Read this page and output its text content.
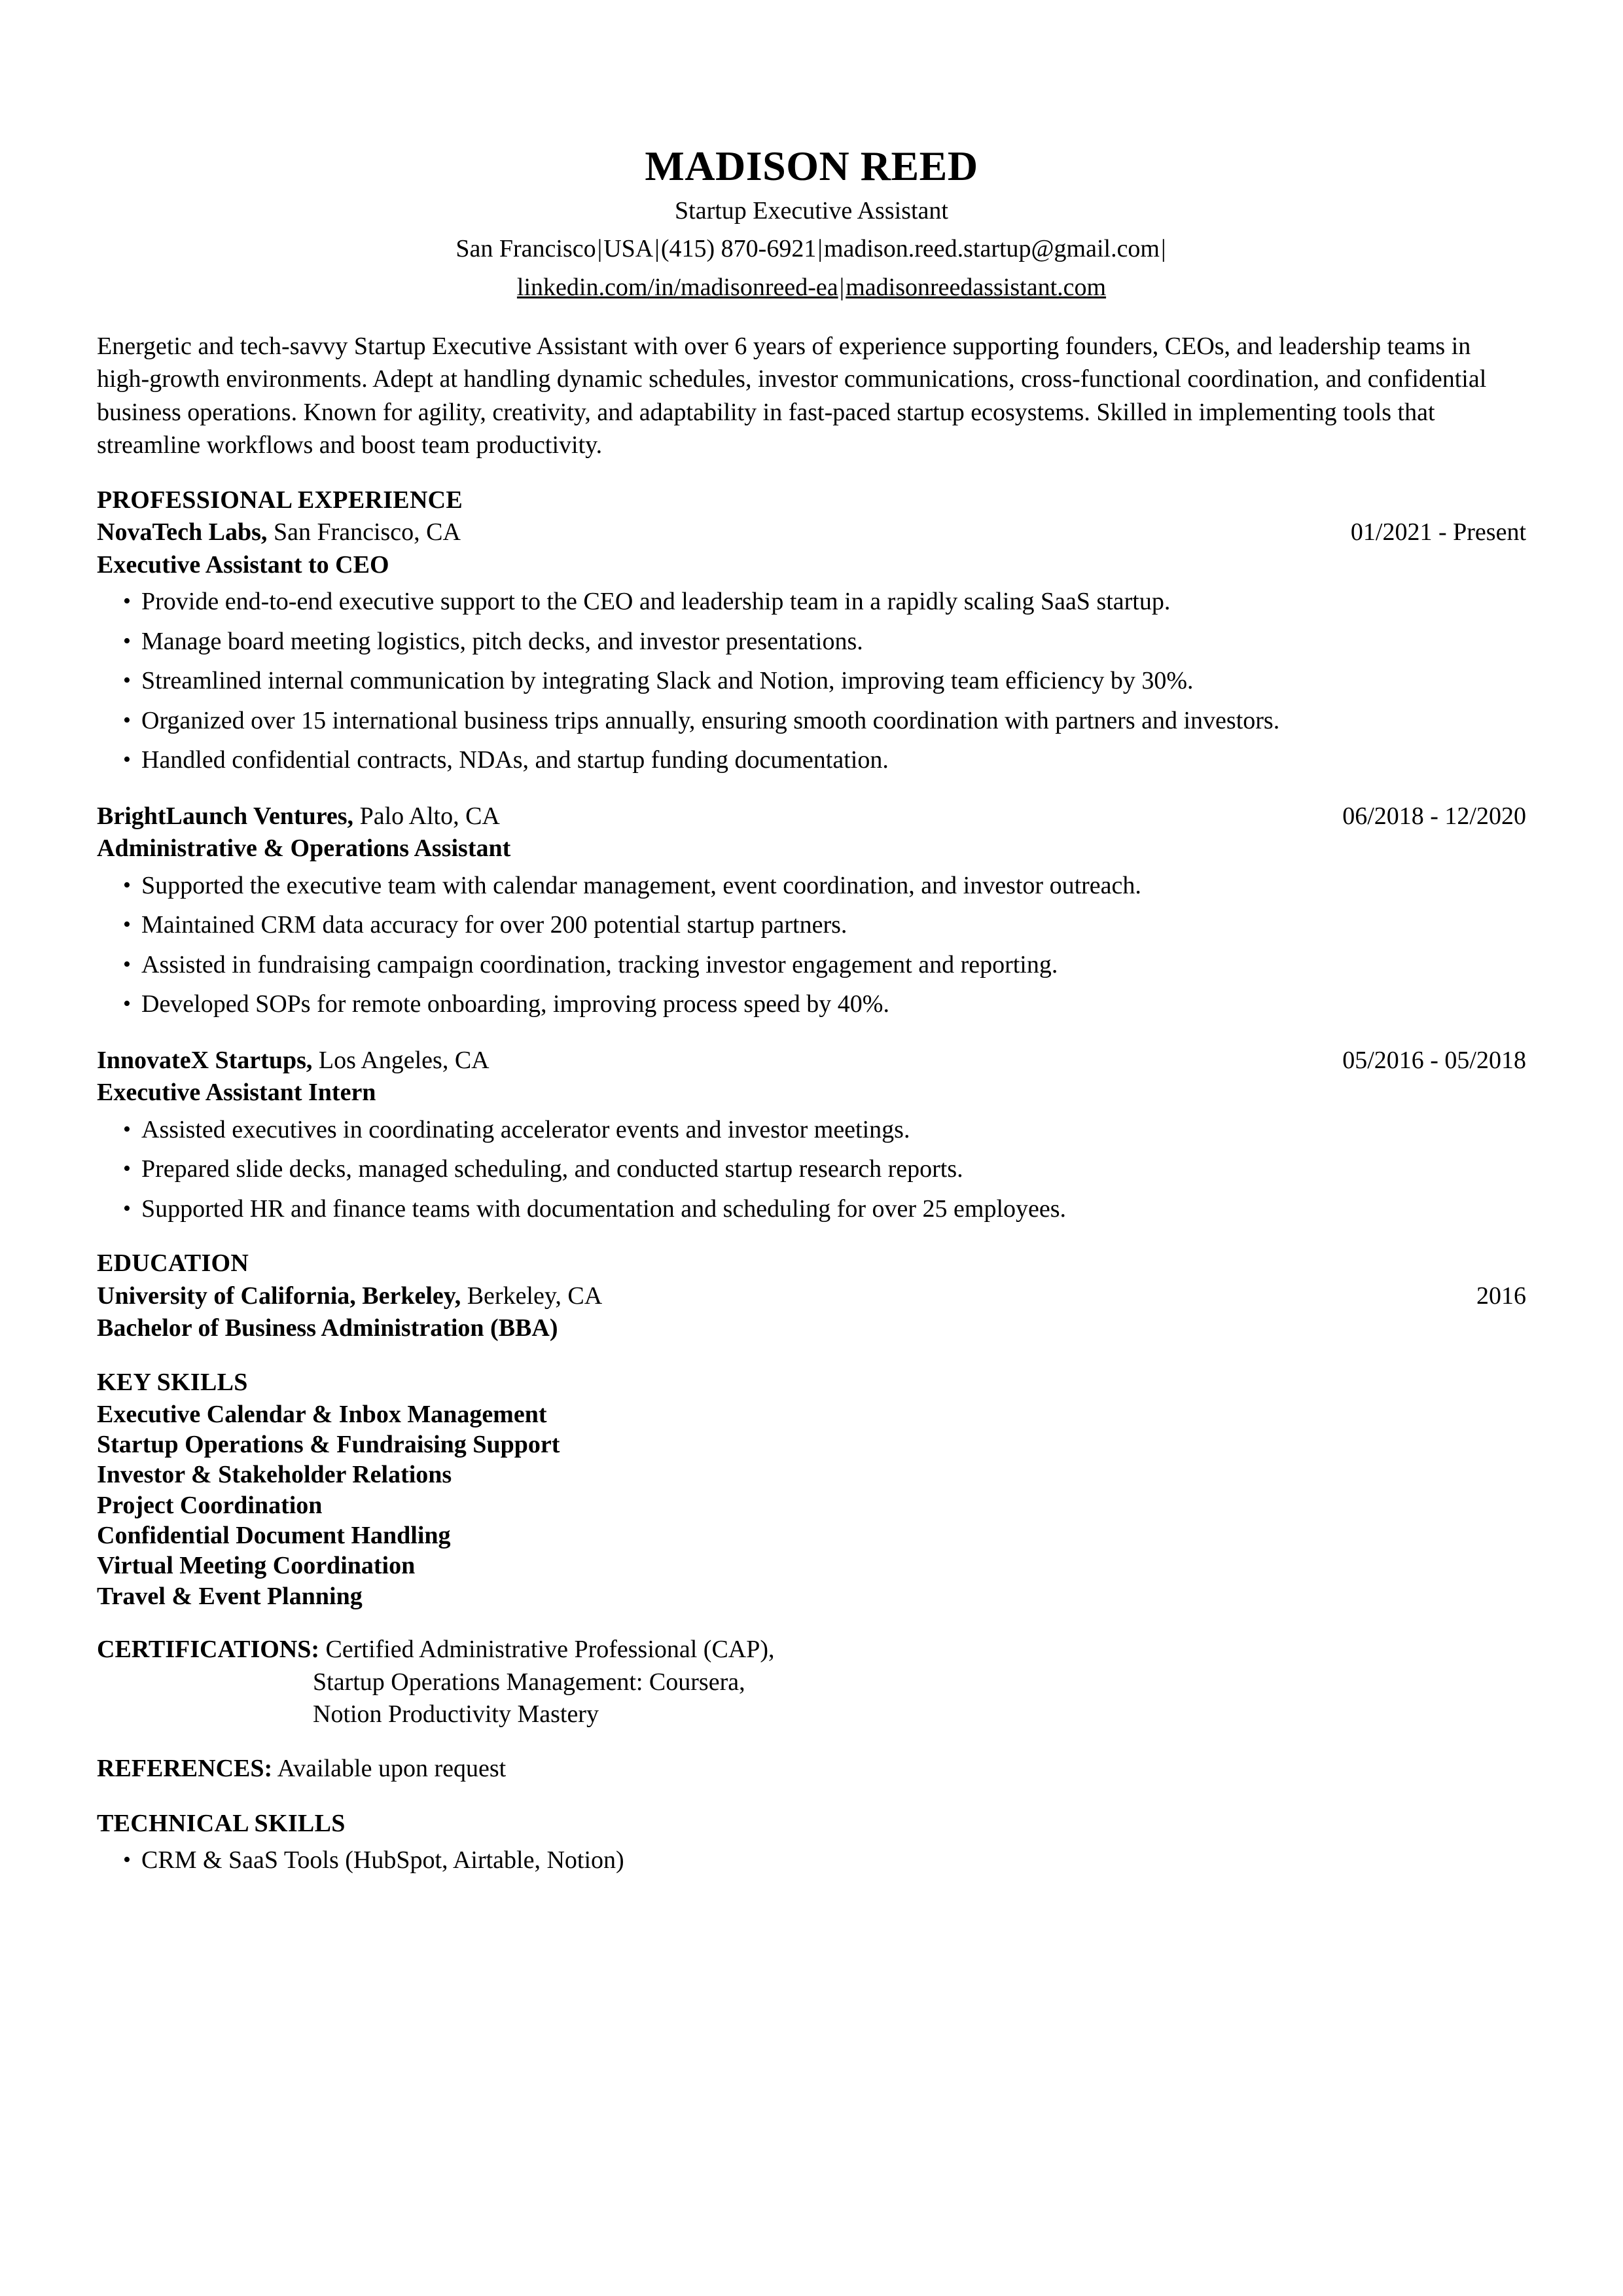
MADISON REED
Startup Executive Assistant
San Francisco|USA|(415) 870-6921|madison.reed.startup@gmail.com|
linkedin.com/in/madisonreed-ea|madisonreedassistant.com
Energetic and tech-savvy Startup Executive Assistant with over 6 years of experience supporting founders, CEOs, and leadership teams in high-growth environments. Adept at handling dynamic schedules, investor communications, cross-functional coordination, and confidential business operations. Known for agility, creativity, and adaptability in fast-paced startup ecosystems. Skilled in implementing tools that streamline workflows and boost team productivity.
PROFESSIONAL EXPERIENCE
NovaTech Labs, San Francisco, CA	01/2021 - Present
Executive Assistant to CEO
• Provide end-to-end executive support to the CEO and leadership team in a rapidly scaling SaaS startup.
• Manage board meeting logistics, pitch decks, and investor presentations.
• Streamlined internal communication by integrating Slack and Notion, improving team efficiency by 30%.
• Organized over 15 international business trips annually, ensuring smooth coordination with partners and investors.
• Handled confidential contracts, NDAs, and startup funding documentation.
BrightLaunch Ventures, Palo Alto, CA	06/2018 - 12/2020
Administrative & Operations Assistant
• Supported the executive team with calendar management, event coordination, and investor outreach.
• Maintained CRM data accuracy for over 200 potential startup partners.
• Assisted in fundraising campaign coordination, tracking investor engagement and reporting.
• Developed SOPs for remote onboarding, improving process speed by 40%.
InnovateX Startups, Los Angeles, CA	05/2016 - 05/2018
Executive Assistant Intern
• Assisted executives in coordinating accelerator events and investor meetings.
• Prepared slide decks, managed scheduling, and conducted startup research reports.
• Supported HR and finance teams with documentation and scheduling for over 25 employees.
EDUCATION
University of California, Berkeley, Berkeley, CA	2016
Bachelor of Business Administration (BBA)
KEY SKILLS
Executive Calendar & Inbox Management
Startup Operations & Fundraising Support
Investor & Stakeholder Relations
Project Coordination
Confidential Document Handling
Virtual Meeting Coordination
Travel & Event Planning
CERTIFICATIONS: Certified Administrative Professional (CAP),
Startup Operations Management: Coursera,
Notion Productivity Mastery
REFERENCES: Available upon request
TECHNICAL SKILLS
• CRM & SaaS Tools (HubSpot, Airtable, Notion)
